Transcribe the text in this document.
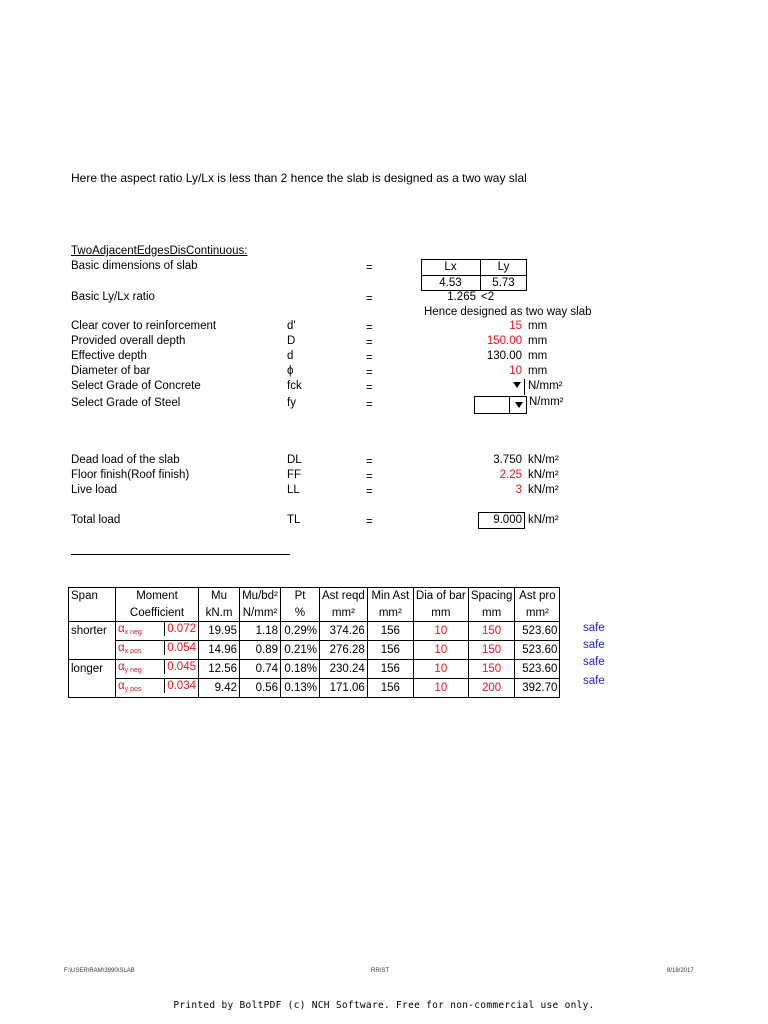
Here the aspect ratio Ly/Lx is less than 2 hence the slab is designed as a two way slal
TwoAdjacentEdgesDisContinuous:
Basic dimensions of slab	=	Lx	Ly
4.53	5.73
Basic Ly/Lx ratio	=	1.265 <2
Hence designed as two way slab
Clear cover to reinforcement	d'	=	15 mm
Provided overall depth	D	=	150.00 mm
Effective depth	d	=	130.00 mm
Diameter of bar	ϕ	=	10 mm
Select Grade of Concrete	fck	=	N/mm²
Select Grade of Steel	fy	=	N/mm²
Dead load of the slab	DL	=	3.750 kN/m²
Floor finish(Roof finish)	FF	=	2.25 kN/m²
Live load	LL	=	3 kN/m²
Total load	TL	=	9.000 kN/m²
Span	Moment	Mu	Mu/bd²	Pt	Ast reqd	Min Ast	Dia of bar	Spacing	Ast pro
	Coefficient	kN.m	N/mm²	%	mm²	mm²	mm	mm	mm²
shorter	$\alpha_{x neg}$ 0.072	19.95	1.18	0.29%	374.26	156	10	150	523.60
	$\alpha_{x pos}$ 0.054	14.96	0.89	0.21%	276.28	156	10	150	523.60
longer	$\alpha_{y neg}$ 0.045	12.56	0.74	0.18%	230.24	156	10	150	523.60
	$\alpha_{y pos}$ 0.034	9.42	0.56	0.13%	171.06	156	10	200	392.70
safe
safe
safe
safe
F:\USER\RAM\3990\SLAB	RR/ST	8/18/2017
Printed by BoltPDF (c) NCH Software. Free for non-commercial use only.
